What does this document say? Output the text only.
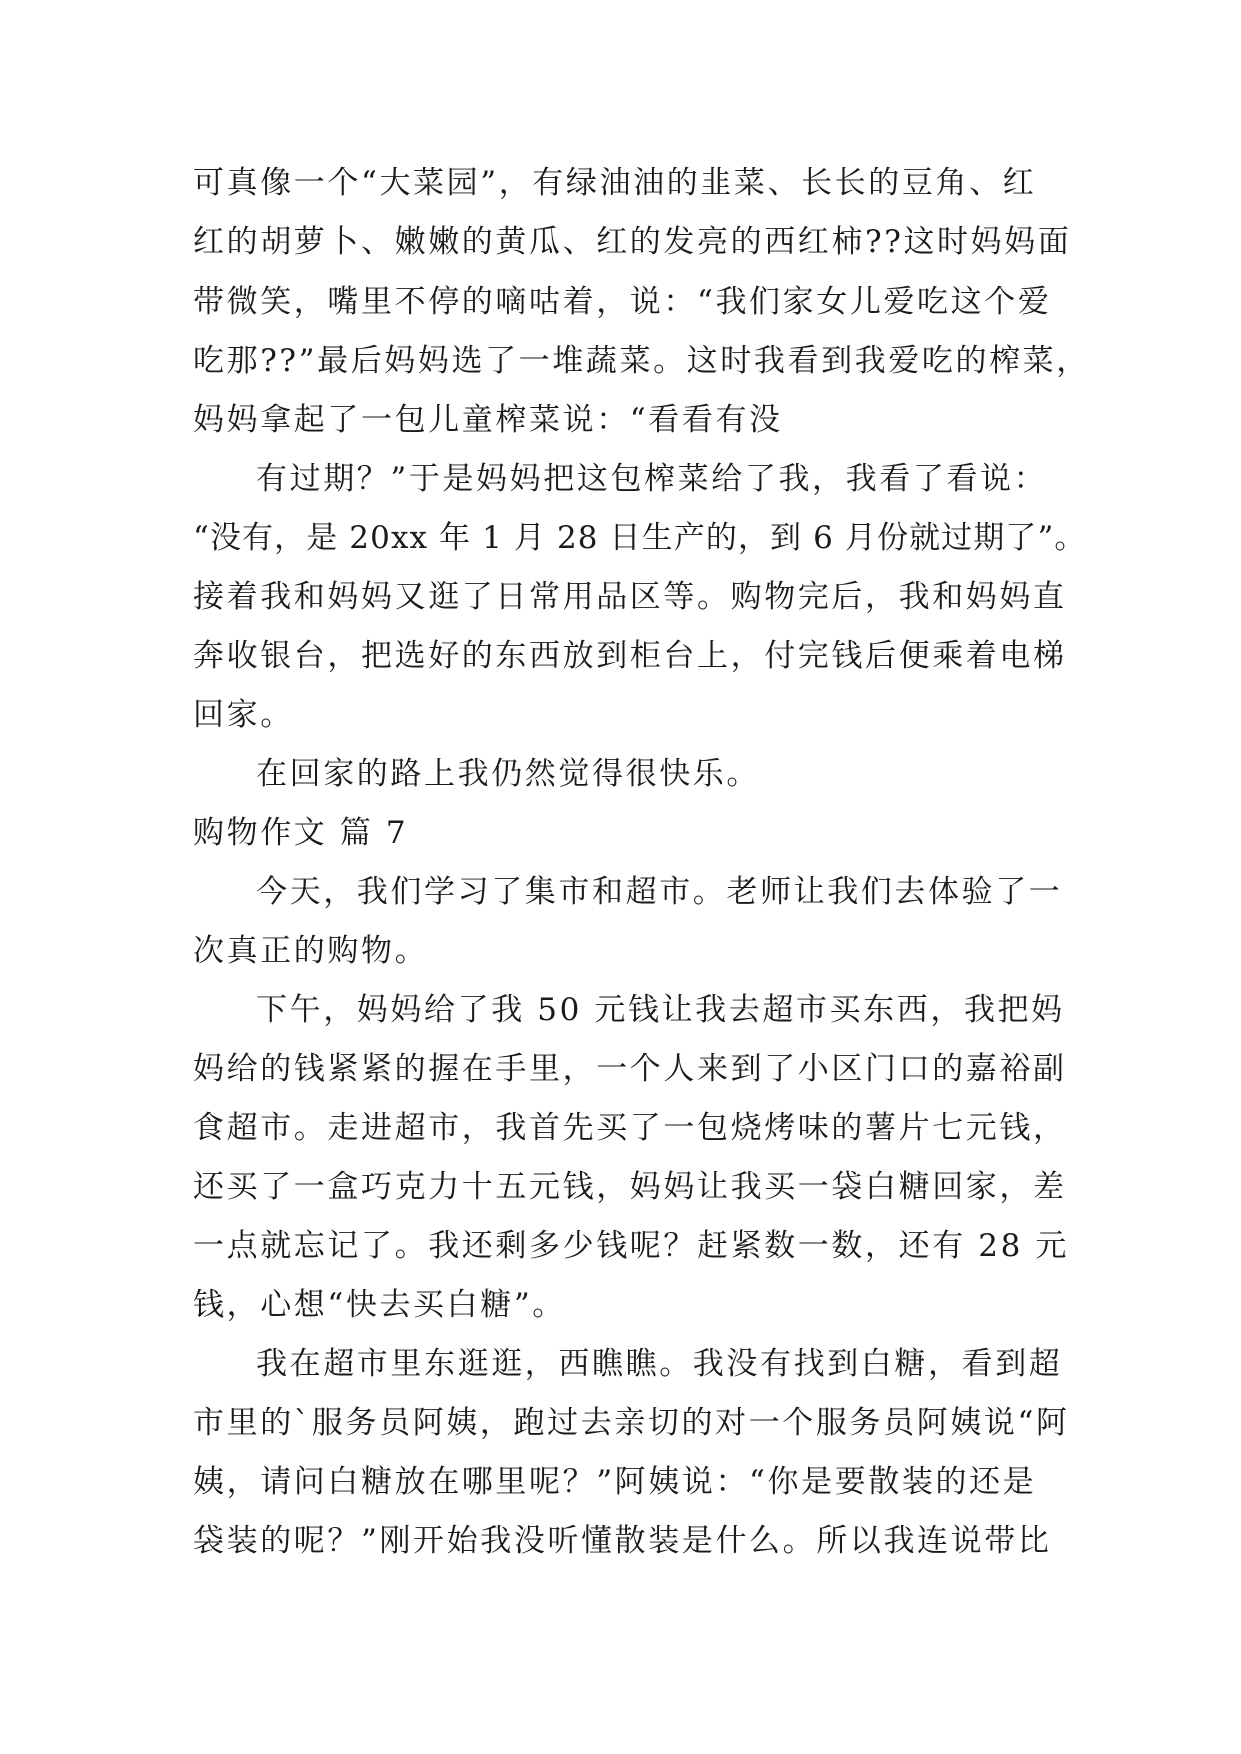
可真像一个“大菜园”，有绿油油的韭菜、长长的豆角、红
红的胡萝卜、嫩嫩的黄瓜、红的发亮的西红柿??这时妈妈面
带微笑，嘴里不停的嘀咕着，说：“我们家女儿爱吃这个爱
吃那??”最后妈妈选了一堆蔬菜。这时我看到我爱吃的榨菜，
妈妈拿起了一包儿童榨菜说：“看看有没
有过期？”于是妈妈把这包榨菜给了我，我看了看说：
“没有，是 20xx 年 1 月 28 日生产的，到 6 月份就过期了”。
接着我和妈妈又逛了日常用品区等。购物完后，我和妈妈直
奔收银台，把选好的东西放到柜台上，付完钱后便乘着电梯
回家。
在回家的路上我仍然觉得很快乐。
购物作文 篇 7
今天，我们学习了集市和超市。老师让我们去体验了一
次真正的购物。
下午，妈妈给了我 50 元钱让我去超市买东西，我把妈
妈给的钱紧紧的握在手里，一个人来到了小区门口的嘉裕副
食超市。走进超市，我首先买了一包烧烤味的薯片七元钱，
还买了一盒巧克力十五元钱，妈妈让我买一袋白糖回家，差
一点就忘记了。我还剩多少钱呢？赶紧数一数，还有 28 元
钱，心想“快去买白糖”。
我在超市里东逛逛，西瞧瞧。我没有找到白糖，看到超
市里的`服务员阿姨，跑过去亲切的对一个服务员阿姨说“阿
姨，请问白糖放在哪里呢？”阿姨说：“你是要散装的还是
袋装的呢？”刚开始我没听懂散装是什么。所以我连说带比
